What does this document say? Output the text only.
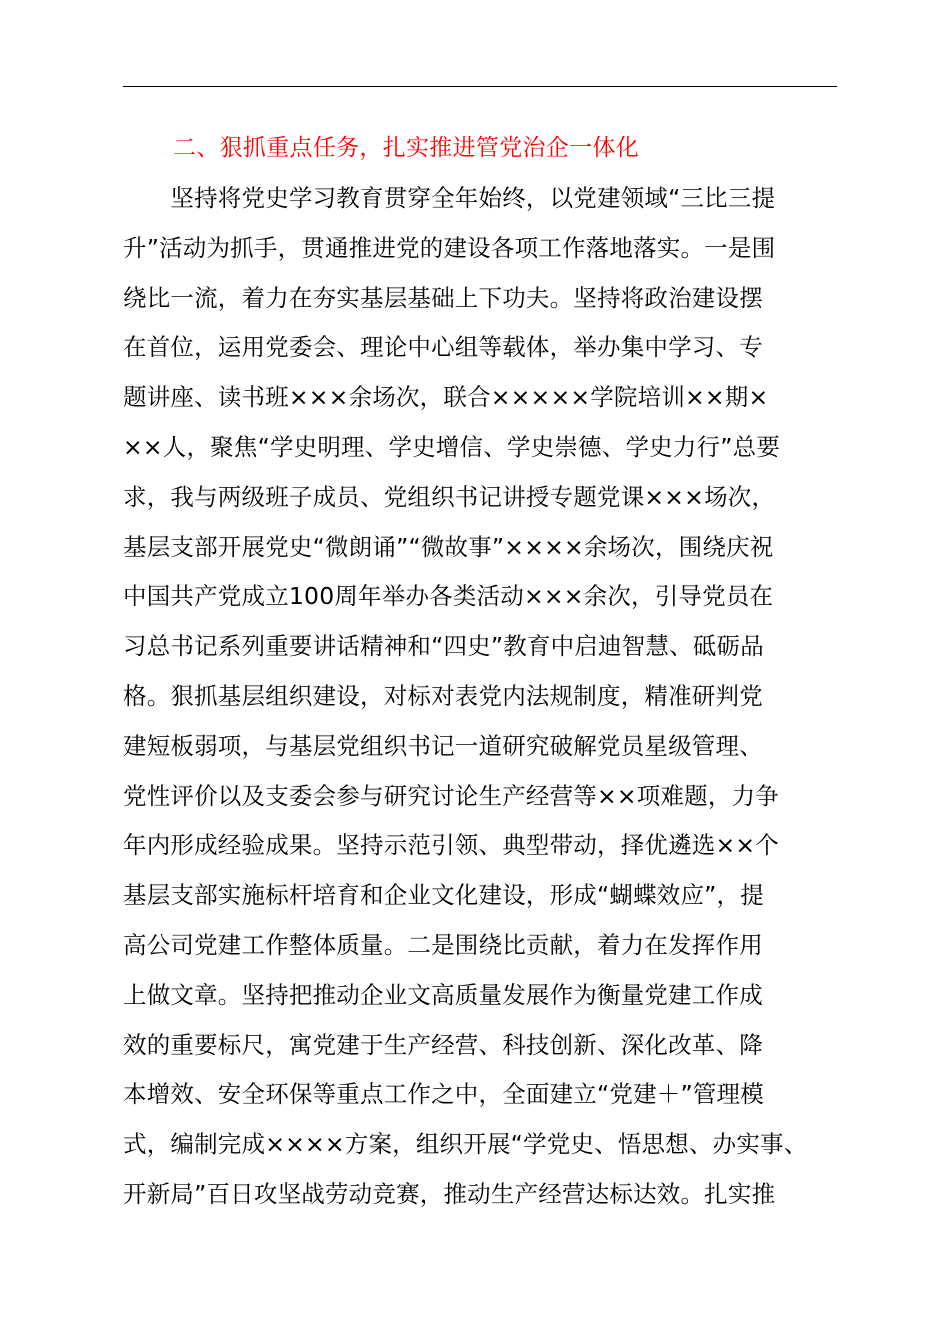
二、狠抓重点任务，扎实推进管党治企一体化
　　坚持将党史学习教育贯穿全年始终，以党建领域“三比三提
升”活动为抓手，贯通推进党的建设各项工作落地落实。一是围
绕比一流，着力在夯实基层基础上下功夫。坚持将政治建设摆
在首位，运用党委会、理论中心组等载体，举办集中学习、专
题讲座、读书班×××余场次，联合×××××学院培训××期×
××人，聚焦“学史明理、学史增信、学史崇德、学史力行”总要
求，我与两级班子成员、党组织书记讲授专题党课×××场次，
基层支部开展党史“微朗诵”“微故事”××××余场次，围绕庆祝
中国共产党成立100周年举办各类活动×××余次，引导党员在
习总书记系列重要讲话精神和“四史”教育中启迪智慧、砥砺品
格。狠抓基层组织建设，对标对表党内法规制度，精准研判党
建短板弱项，与基层党组织书记一道研究破解党员星级管理、
党性评价以及支委会参与研究讨论生产经营等××项难题，力争
年内形成经验成果。坚持示范引领、典型带动，择优遴选××个
基层支部实施标杆培育和企业文化建设，形成“蝴蝶效应”，提
高公司党建工作整体质量。二是围绕比贡献，着力在发挥作用
上做文章。坚持把推动企业文高质量发展作为衡量党建工作成
效的重要标尺，寓党建于生产经营、科技创新、深化改革、降
本增效、安全环保等重点工作之中，全面建立“党建＋”管理模
式，编制完成××××方案，组织开展“学党史、悟思想、办实事、
开新局”百日攻坚战劳动竞赛，推动生产经营达标达效。扎实推
